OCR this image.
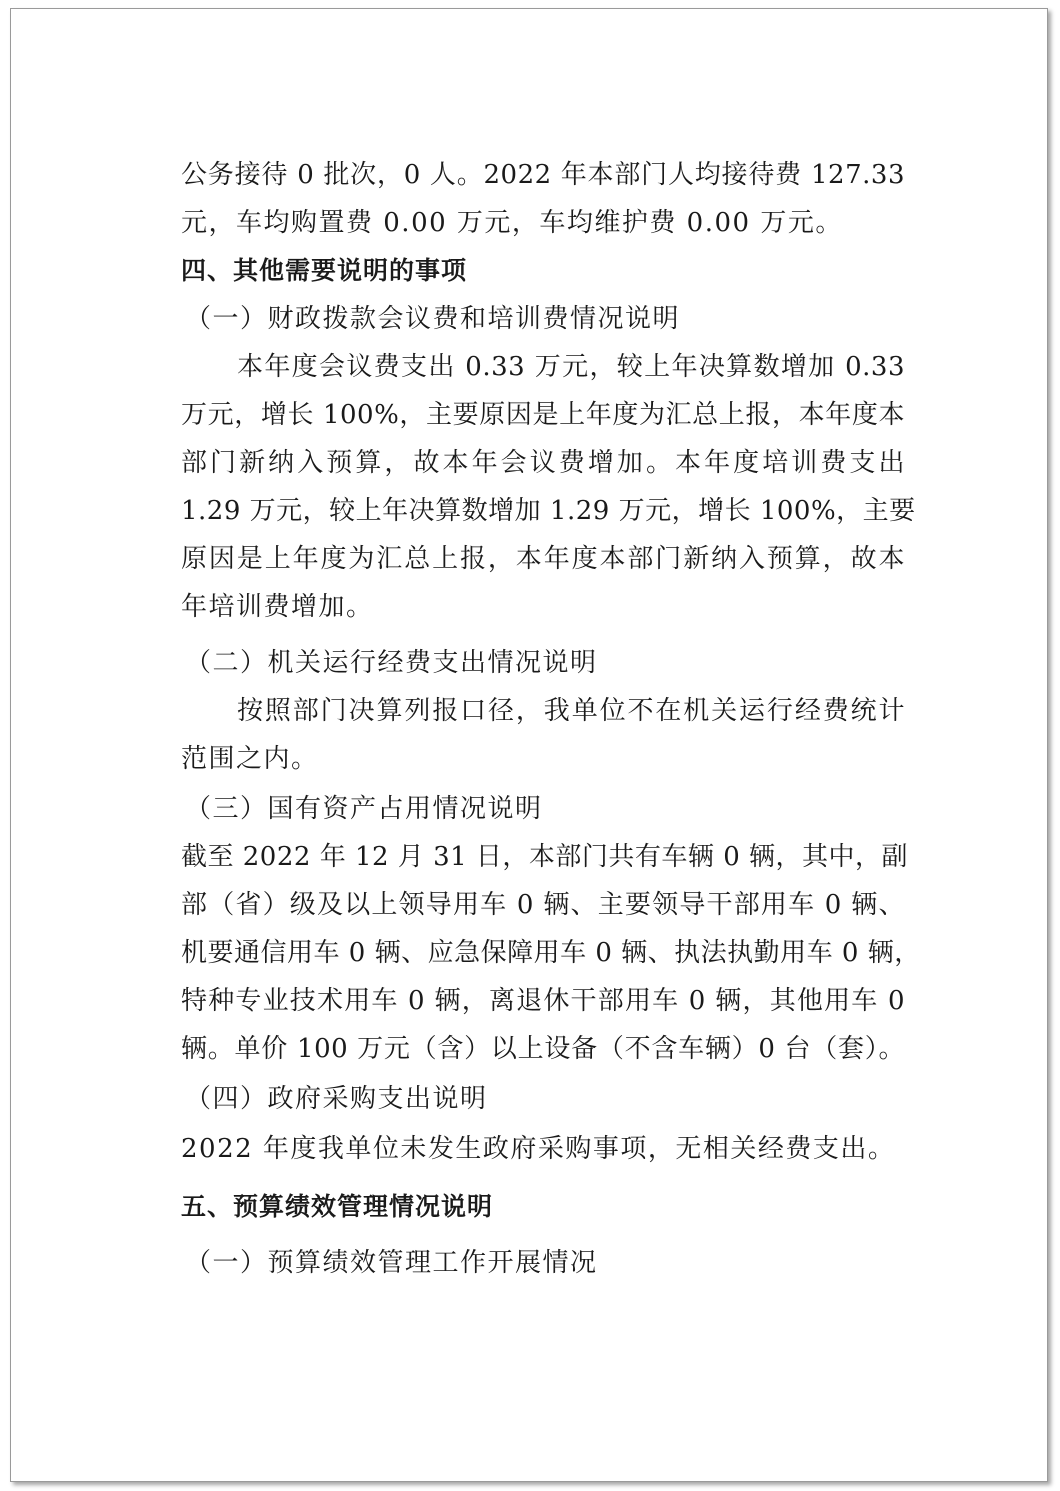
公务接待 0 批次，0 人。2022 年本部门人均接待费 127.33
元，车均购置费 0.00 万元，车均维护费 0.00 万元。
四、其他需要说明的事项
（一）财政拨款会议费和培训费情况说明
本年度会议费支出 0.33 万元，较上年决算数增加 0.33
万元，增长 100%，主要原因是上年度为汇总上报，本年度本
部门新纳入预算，故本年会议费增加。本年度培训费支出
1.29 万元，较上年决算数增加 1.29 万元，增长 100%，主要
原因是上年度为汇总上报，本年度本部门新纳入预算，故本
年培训费增加。
（二）机关运行经费支出情况说明
按照部门决算列报口径，我单位不在机关运行经费统计
范围之内。
（三）国有资产占用情况说明
截至 2022 年 12 月 31 日，本部门共有车辆 0 辆，其中，副
部（省）级及以上领导用车 0 辆、主要领导干部用车 0 辆、
机要通信用车 0 辆、应急保障用车 0 辆、执法执勤用车 0 辆，
特种专业技术用车 0 辆，离退休干部用车 0 辆，其他用车 0
辆。单价 100 万元（含）以上设备（不含车辆）0 台（套）。
（四）政府采购支出说明
2022 年度我单位未发生政府采购事项，无相关经费支出。
五、预算绩效管理情况说明
（一）预算绩效管理工作开展情况
